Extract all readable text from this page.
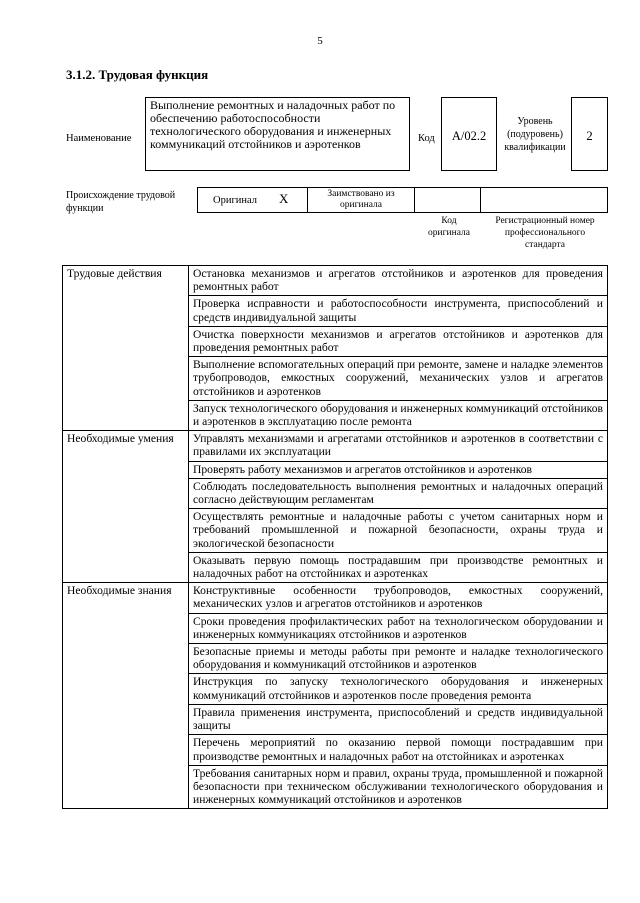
5
3.1.2. Трудовая функция
Наименование
Выполнение ремонтных и наладочных работ по обеспечению работоспособности технологического оборудования и инженерных коммуникаций отстойников и аэротенков	Код	А/02.2
Уровень (подуровень) квалификации
2
Происхождение трудовой функции
Оригинал X	Заимствовано из оригинала
Код оригинала
Регистрационный номер профессионального стандарта
Трудовые действия	Остановка механизмов и агрегатов отстойников и аэротенков для проведения ремонтных работ
	Проверка исправности и работоспособности инструмента, приспособлений и средств индивидуальной защиты
	Очистка поверхности механизмов и агрегатов отстойников и аэротенков для проведения ремонтных работ
	Выполнение вспомогательных операций при ремонте, замене и наладке элементов трубопроводов, емкостных сооружений, механических узлов и агрегатов отстойников и аэротенков
	Запуск технологического оборудования и инженерных коммуникаций отстойников и аэротенков в эксплуатацию после ремонта
Необходимые умения	Управлять механизмами и агрегатами отстойников и аэротенков в соответствии с правилами их эксплуатации
	Проверять работу механизмов и агрегатов отстойников и аэротенков
	Соблюдать последовательность выполнения ремонтных и наладочных операций согласно действующим регламентам
	Осуществлять ремонтные и наладочные работы с учетом санитарных норм и требований промышленной и пожарной безопасности, охраны труда и экологической безопасности
	Оказывать первую помощь пострадавшим при производстве ремонтных и наладочных работ на отстойниках и аэротенках
Необходимые знания	Конструктивные особенности трубопроводов, емкостных сооружений, механических узлов и агрегатов отстойников и аэротенков
	Сроки проведения профилактических работ на технологическом оборудовании и инженерных коммуникациях отстойников и аэротенков
	Безопасные приемы и методы работы при ремонте и наладке технологического оборудования и коммуникаций отстойников и аэротенков
	Инструкция по запуску технологического оборудования и инженерных коммуникаций отстойников и аэротенков после проведения ремонта
	Правила применения инструмента, приспособлений и средств индивидуальной защиты
	Перечень мероприятий по оказанию первой помощи пострадавшим при производстве ремонтных и наладочных работ на отстойниках и аэротенках
	Требования санитарных норм и правил, охраны труда, промышленной и пожарной безопасности при техническом обслуживании технологического оборудования и инженерных коммуникаций отстойников и аэротенков
